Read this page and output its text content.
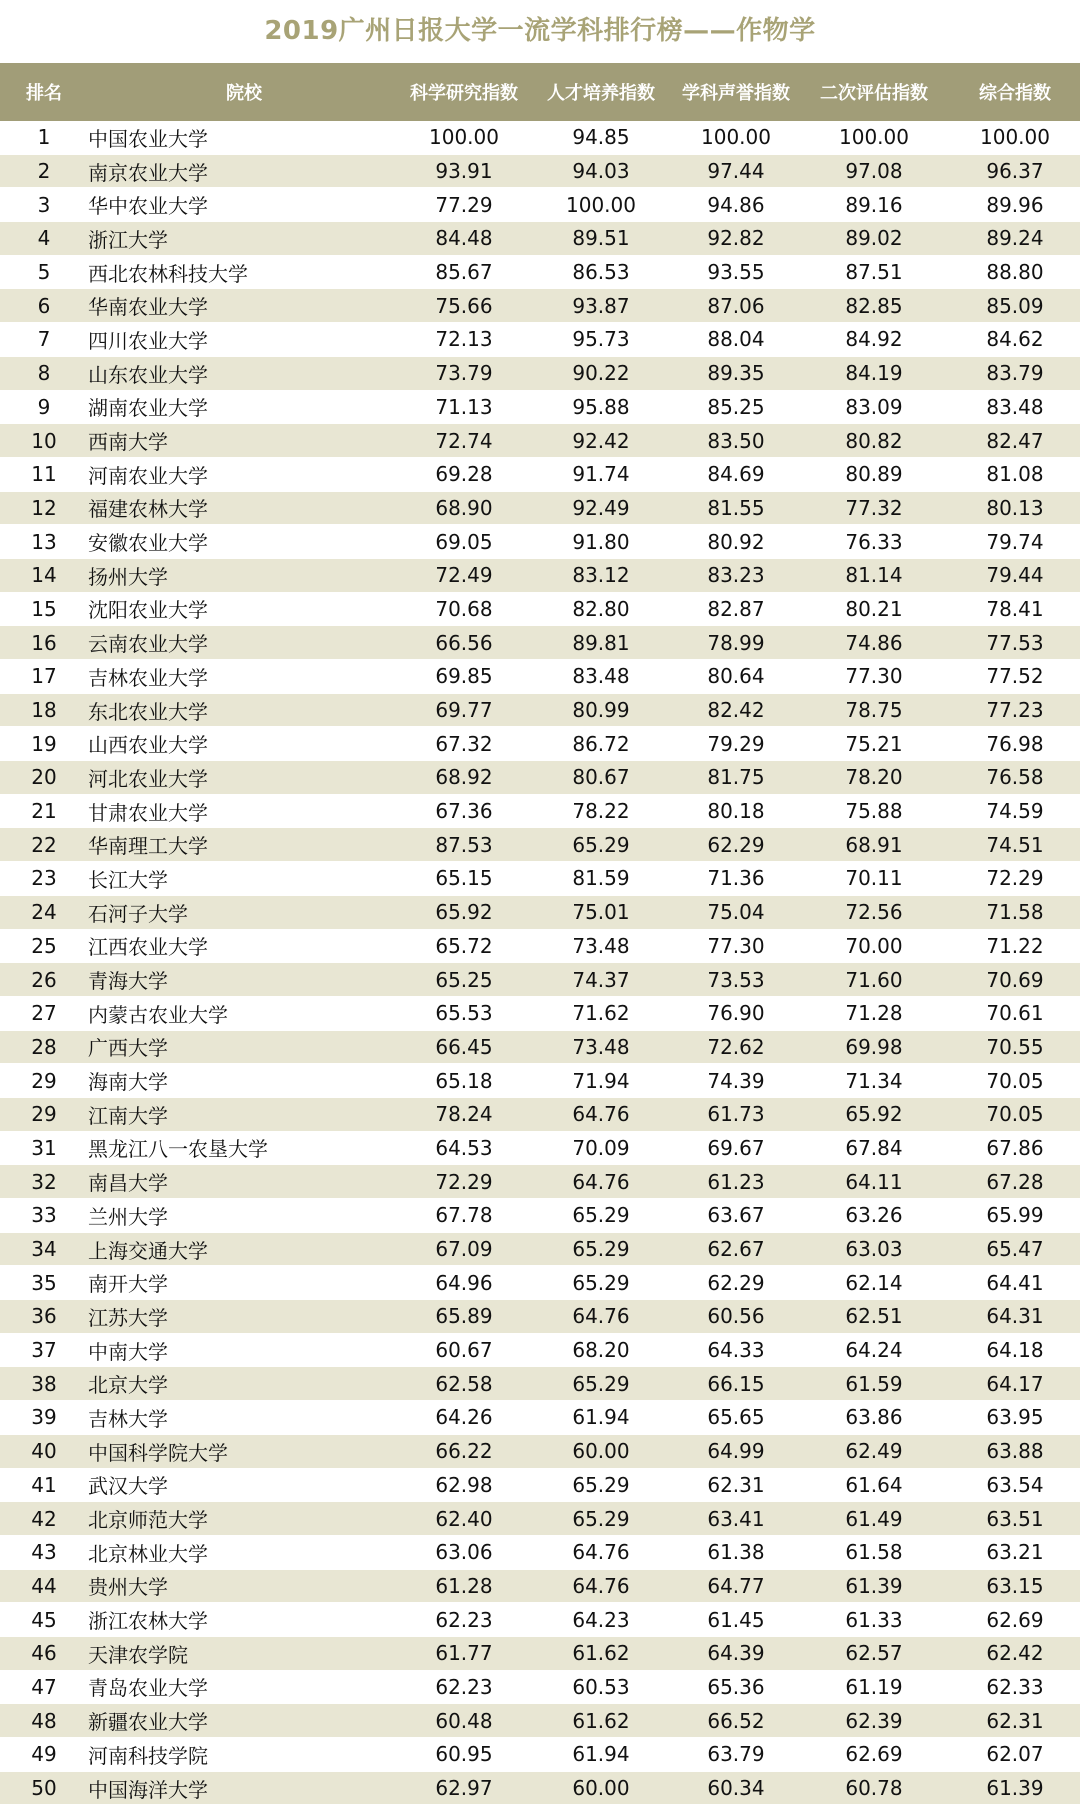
2019广州日报大学一流学科排行榜——作物学
排名	院校	科学研究指数	人才培养指数	学科声誉指数	二次评估指数	综合指数
1	中国农业大学	100.00	94.85	100.00	100.00	100.00
2	南京农业大学	93.91	94.03	97.44	97.08	96.37
3	华中农业大学	77.29	100.00	94.86	89.16	89.96
4	浙江大学	84.48	89.51	92.82	89.02	89.24
5	西北农林科技大学	85.67	86.53	93.55	87.51	88.80
6	华南农业大学	75.66	93.87	87.06	82.85	85.09
7	四川农业大学	72.13	95.73	88.04	84.92	84.62
8	山东农业大学	73.79	90.22	89.35	84.19	83.79
9	湖南农业大学	71.13	95.88	85.25	83.09	83.48
10	西南大学	72.74	92.42	83.50	80.82	82.47
11	河南农业大学	69.28	91.74	84.69	80.89	81.08
12	福建农林大学	68.90	92.49	81.55	77.32	80.13
13	安徽农业大学	69.05	91.80	80.92	76.33	79.74
14	扬州大学	72.49	83.12	83.23	81.14	79.44
15	沈阳农业大学	70.68	82.80	82.87	80.21	78.41
16	云南农业大学	66.56	89.81	78.99	74.86	77.53
17	吉林农业大学	69.85	83.48	80.64	77.30	77.52
18	东北农业大学	69.77	80.99	82.42	78.75	77.23
19	山西农业大学	67.32	86.72	79.29	75.21	76.98
20	河北农业大学	68.92	80.67	81.75	78.20	76.58
21	甘肃农业大学	67.36	78.22	80.18	75.88	74.59
22	华南理工大学	87.53	65.29	62.29	68.91	74.51
23	长江大学	65.15	81.59	71.36	70.11	72.29
24	石河子大学	65.92	75.01	75.04	72.56	71.58
25	江西农业大学	65.72	73.48	77.30	70.00	71.22
26	青海大学	65.25	74.37	73.53	71.60	70.69
27	内蒙古农业大学	65.53	71.62	76.90	71.28	70.61
28	广西大学	66.45	73.48	72.62	69.98	70.55
29	海南大学	65.18	71.94	74.39	71.34	70.05
29	江南大学	78.24	64.76	61.73	65.92	70.05
31	黑龙江八一农垦大学	64.53	70.09	69.67	67.84	67.86
32	南昌大学	72.29	64.76	61.23	64.11	67.28
33	兰州大学	67.78	65.29	63.67	63.26	65.99
34	上海交通大学	67.09	65.29	62.67	63.03	65.47
35	南开大学	64.96	65.29	62.29	62.14	64.41
36	江苏大学	65.89	64.76	60.56	62.51	64.31
37	中南大学	60.67	68.20	64.33	64.24	64.18
38	北京大学	62.58	65.29	66.15	61.59	64.17
39	吉林大学	64.26	61.94	65.65	63.86	63.95
40	中国科学院大学	66.22	60.00	64.99	62.49	63.88
41	武汉大学	62.98	65.29	62.31	61.64	63.54
42	北京师范大学	62.40	65.29	63.41	61.49	63.51
43	北京林业大学	63.06	64.76	61.38	61.58	63.21
44	贵州大学	61.28	64.76	64.77	61.39	63.15
45	浙江农林大学	62.23	64.23	61.45	61.33	62.69
46	天津农学院	61.77	61.62	64.39	62.57	62.42
47	青岛农业大学	62.23	60.53	65.36	61.19	62.33
48	新疆农业大学	60.48	61.62	66.52	62.39	62.31
49	河南科技学院	60.95	61.94	63.79	62.69	62.07
50	中国海洋大学	62.97	60.00	60.34	60.78	61.39
